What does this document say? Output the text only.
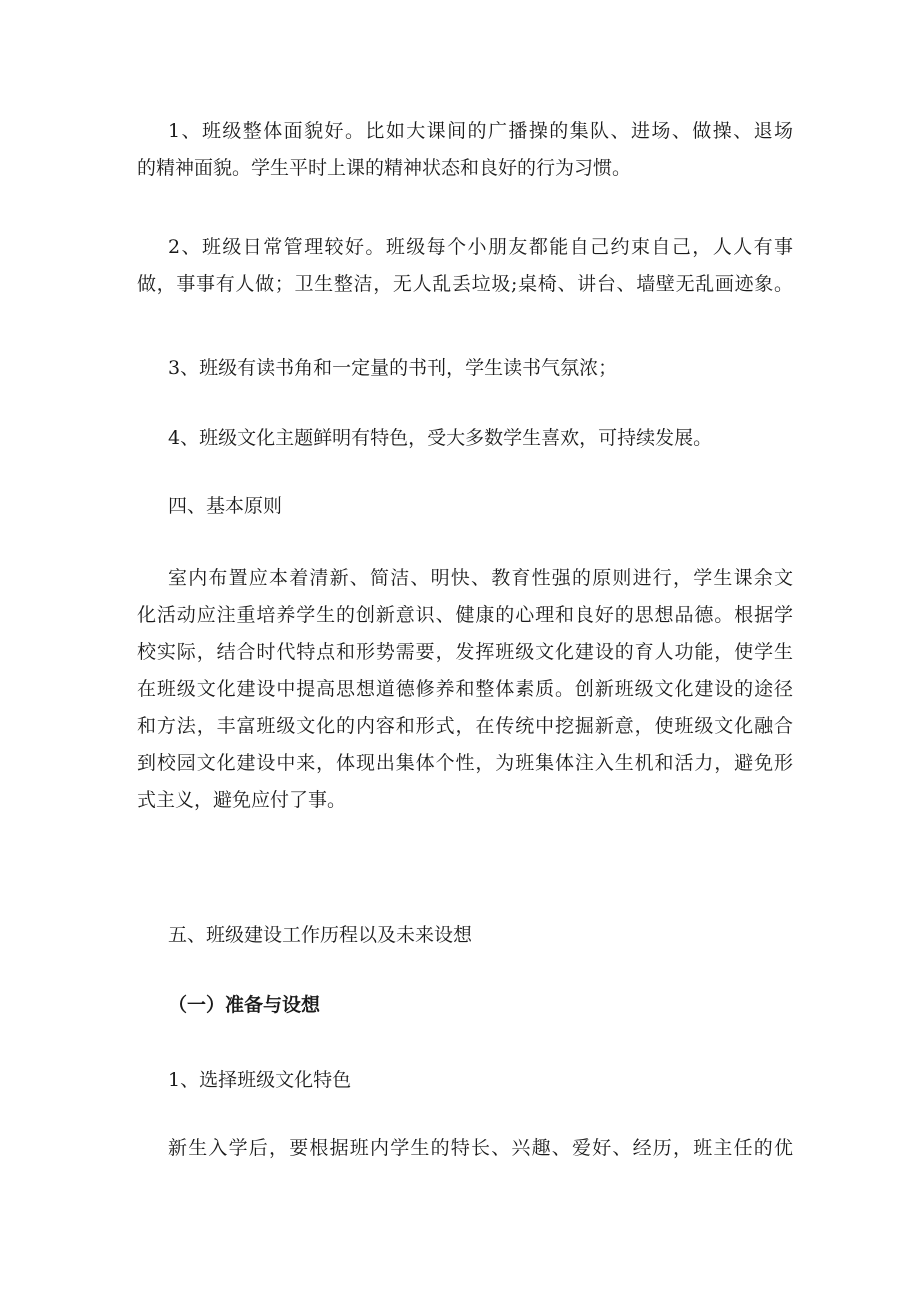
1、班级整体面貌好。比如大课间的广播操的集队、进场、做操、退场
的精神面貌。学生平时上课的精神状态和良好的行为习惯。

2、班级日常管理较好。班级每个小朋友都能自己约束自己，人人有事
做，事事有人做；卫生整洁，无人乱丢垃圾;桌椅、讲台、墙壁无乱画迹象。

3、班级有读书角和一定量的书刊，学生读书气氛浓；

4、班级文化主题鲜明有特色，受大多数学生喜欢，可持续发展。

四、基本原则

室内布置应本着清新、简洁、明快、教育性强的原则进行，学生课余文
化活动应注重培养学生的创新意识、健康的心理和良好的思想品德。根据学
校实际，结合时代特点和形势需要，发挥班级文化建设的育人功能，使学生
在班级文化建设中提高思想道德修养和整体素质。创新班级文化建设的途径
和方法，丰富班级文化的内容和形式，在传统中挖掘新意，使班级文化融合
到校园文化建设中来，体现出集体个性，为班集体注入生机和活力，避免形
式主义，避免应付了事。

五、班级建设工作历程以及未来设想
（一）准备与设想

1、选择班级文化特色

新生入学后，要根据班内学生的特长、兴趣、爱好、经历，班主任的优
